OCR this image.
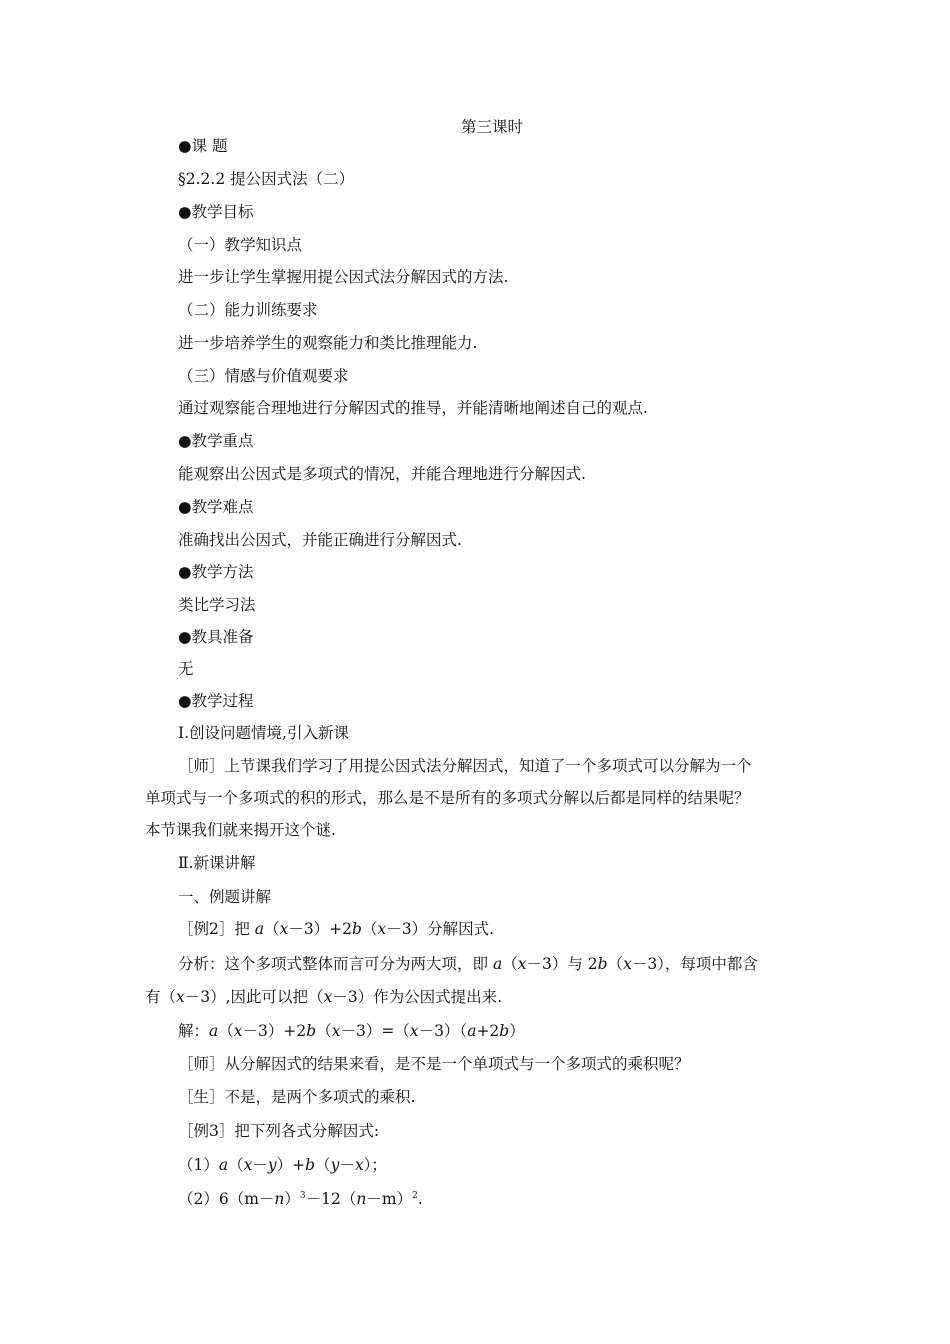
第三课时
●课 题
§2.2.2 提公因式法（二）
●教学目标
（一）教学知识点
进一步让学生掌握用提公因式法分解因式的方法.
（二）能力训练要求
进一步培养学生的观察能力和类比推理能力.
（三）情感与价值观要求
通过观察能合理地进行分解因式的推导，并能清晰地阐述自己的观点.
●教学重点
能观察出公因式是多项式的情况，并能合理地进行分解因式.
●教学难点
准确找出公因式，并能正确进行分解因式.
●教学方法
类比学习法
●教具准备
无
●教学过程
Ⅰ.创设问题情境,引入新课
［师］上节课我们学习了用提公因式法分解因式，知道了一个多项式可以分解为一个
单项式与一个多项式的积的形式，那么是不是所有的多项式分解以后都是同样的结果呢？
本节课我们就来揭开这个谜.
Ⅱ.新课讲解
一、例题讲解
［例2］把 a（x－3）+2b（x－3）分解因式.
分析：这个多项式整体而言可分为两大项，即 a（x－3）与 2b（x－3），每项中都含
有（x－3）,因此可以把（x－3）作为公因式提出来.
解：a（x－3）+2b（x－3）=（x－3）（a+2b）
［师］从分解因式的结果来看，是不是一个单项式与一个多项式的乘积呢？
［生］不是，是两个多项式的乘积.
［例3］把下列各式分解因式:
（1）a（x－y）+b（y－x）；
$(2)6(m-n)^3-12(n-m)^2$.
